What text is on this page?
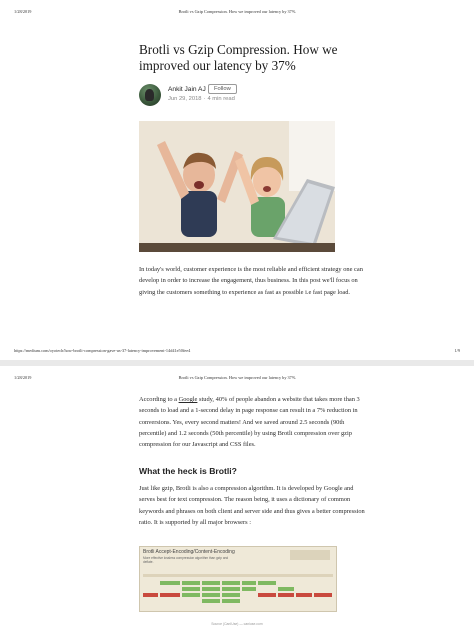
1/28/2019	Brotli vs Gzip Compression. How we improved our latency by 37%
Brotli vs Gzip Compression. How we improved our latency by 37%
Ankit Jain AJ	Follow
Jun 29, 2018 · 4 min read
In today's world, customer experience is the most reliable and efficient strategy one can develop in order to increase the engagement, thus business. In this post we'll focus on giving the customers something to experience as fast as possible i.e fast page load.
https://medium.com/oyotech/how-brotli-compression-gave-us-37-latency-improvement-14d41e50fee4	1/9
1/28/2019	Brotli vs Gzip Compression. How we improved our latency by 37%
According to a Google study, 40% of people abandon a website that takes more than 3 seconds to load and a 1-second delay in page response can result in a 7% reduction in conversions. Yes, every second matters! And we saved around 2.5 seconds (90th percentile) and 1.2 seconds (50th percentile) by using Brotli compression over gzip compression for our Javascript and CSS files.
What the heck is Brotli?
Just like gzip, Brotli is also a compression algorithm. It is developed by Google and serves best for text compression. The reason being, it uses a dictionary of common keywords and phrases on both client and server side and thus gives a better compression ratio. It is supported by all major browsers :
Brotli Accept-Encoding/Content-Encoding
More effective lossless compression algorithm than gzip and deflate.
Source (CanIUse) — caniuse.com
